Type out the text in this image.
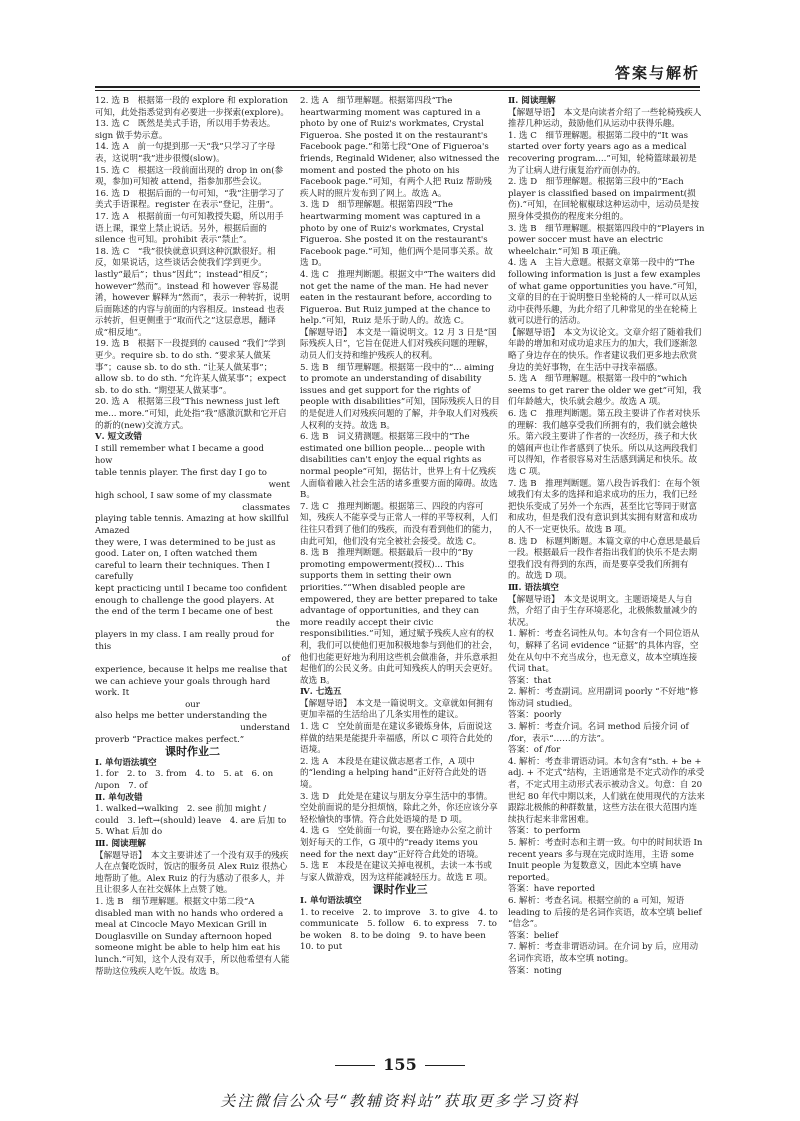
答案与解析

12. 选 B　根据第一段的 explore 和 exploration 可知，此处指悉觉到有必要进一步探索(explore)。

13. 选 C　既然是美式手语，所以用手势表达。sign 做手势示意。

14. 选 A　前一句提到那一天“我”只学习了字母表，这说明“我”进步很慢(slow)。

15. 选 C　根据这一段前面出现的 drop in on(参观，参加)可知被 attend，指参加那些会议。

16. 选 D　根据后面的一句可知，“我”注册学习了美式手语课程。register 在表示“登记，注册”。

17. 选 A　根据前面一句可知教授失聪，所以用手语上课，课堂上禁止说话。另外，根据后面的 silence 也可知。prohibit 表示“禁止”。

18. 选 C　“我”很快就意识到这种沉默很好。相反，如果说话，这些谈话会使我们学到更少。lastly“最后”；thus“因此”；instead“相反”；however“然而”。instead 和 however 容易混淆，however 解释为“然而”，表示一种转折，说明后面陈述的内容与前面的内容相反。instead 也表示转折，但更侧重于“取而代之”这层意思，翻译成“相反地”。

19. 选 B　根据下一段提到的 caused “我们”学到更少。require sb. to do sth. “要求某人做某事”；cause sb. to do sth. “让某人做某事”；allow sb. to do sth. “允许某人做某事”；expect sb. to do sth. “期望某人做某事”。

20. 选 A　根据第三段“This newness just left me... more.”可知，此处指“我”感激沉默和它开启的新的(new)交流方式。

Ⅴ. 短文改错

I still remember what I became a good

how

table tennis player. The first day I go to

went

high school, I saw some of my classmate

classmates

playing table tennis. Amazing at how skillful

Amazed

they were, I was determined to be just as good. Later on, I often watched them careful to learn their techniques. Then I

carefully

kept practicing until I became too confident enough to challenge the good players. At the end of the term I became one of best

the

players in my class. I am really proud for this

of

experience, because it helps me realise that we can achieve your goals through hard work. It

our

also helps me better understanding the

understand

proverb “Practice makes perfect.”

课时作业二

Ⅰ. 单句语法填空

1. for　2. to　3. from　4. to　5. at　6. on /upon　7. of

Ⅱ. 单句改错

1. walked→walking　2. see 前加 might / could　3. left→(should) leave　4. are 后加 to　5. What 后加 do

Ⅲ. 阅读理解

【解题导语】　本文主要讲述了一个没有双手的残疾人在点餐吃饭时，饭店的服务员 Alex Ruiz 很热心地帮助了他。Alex Ruiz 的行为感动了很多人，并且让很多人在社交媒体上点赞了她。

1. 选 B　细节理解题。根据文中第二段“A disabled man with no hands who ordered a meal at Cincocle Mayo Mexican Grill in Douglasville on Sunday afternoon hoped someone might be able to help him eat his lunch.”可知，这个人没有双手，所以他希望有人能帮助这位残疾人吃午饭。故选 B。

2. 选 A　细节理解题。根据第四段“The heartwarming moment was captured in a photo by one of Ruiz's workmates, Crystal Figueroa. She posted it on the restaurant's Facebook page.”和第七段“One of Figueroa's friends, Reginald Widener, also witnessed the moment and posted the photo on his Facebook page.”可知，有两个人把 Ruiz 帮助残疾人时的照片发布到了网上。故选 A。

3. 选 D　细节理解题。根据第四段“The heartwarming moment was captured in a photo by one of Ruiz's workmates, Crystal Figueroa. She posted it on the restaurant's Facebook page.”可知，他们两个是同事关系。故选 D。

4. 选 C　推理判断题。根据文中“The waiters did not get the name of the man. He had never eaten in the restaurant before, according to Figueroa. But Ruiz jumped at the chance to help.”可知，Ruiz 是乐于助人的。故选 C。

【解题导语】　本文是一篇说明文。12 月 3 日是“国际残疾人日”，它旨在促进人们对残疾问题的理解，动员人们支持和维护残疾人的权利。

5. 选 B　细节理解题。根据第一段中的“... aiming to promote an understanding of disability issues and get support for the rights of people with disabilities”可知，国际残疾人日的目的是促进人们对残疾问题的了解，并争取人们对残疾人权利的支持。故选 B。

6. 选 B　词义猜测题。根据第三段中的“The estimated one billion people... people with disabilities can't enjoy the equal rights as normal people”可知，据估计，世界上有十亿残疾人面临着融入社会生活的诸多重要方面的障碍。故选 B。

7. 选 C　推理判断题。根据第三、四段的内容可知，残疾人不能享受与正常人一样的平等权利，人们往往只看到了他们的残疾，而没有看到他们的能力，由此可知，他们没有完全被社会接受。故选 C。

8. 选 B　推理判断题。根据最后一段中的“By promoting empowerment(授权)... This supports them in setting their own priorities.”“When disabled people are empowered, they are better prepared to take advantage of opportunities, and they can more readily accept their civic responsibilities.”可知，通过赋予残疾人应有的权利，我们可以使他们更加积极地参与到他们的社会，他们也能更好地为利用这些机会做准备，并乐意承担起他们的公民义务。由此可知残疾人的明天会更好。故选 B。

Ⅳ. 七选五

【解题导语】　本文是一篇说明文。文章就如何拥有更加幸福的生活给出了几条实用性的建议。

1. 选 C　空处前面是在建议多锻炼身体，后面说这样做的结果是能提升幸福感，所以 C 项符合此处的语境。

2. 选 A　本段是在建议做志愿者工作，A 项中的“lending a helping hand”正好符合此处的语境。

3. 选 D　此处是在建议与朋友分享生活中的事情。空处前面说的是分担烦恼，除此之外，你还应该分享轻松愉快的事情。符合此处语境的是 D 项。

4. 选 G　空处前面一句说，要在路途办公室之前计划好每天的工作，G 项中的“ready items you need for the next day”正好符合此处的语境。

5. 选 E　本段是在建议关掉电视机，去读一本书或与家人做游戏，因为这样能减轻压力。故选 E 项。

课时作业三

Ⅰ. 单句语法填空

1. to receive　2. to improve　3. to give　4. to communicate　5. follow　6. to express　7. to be woken　8. to be doing　9. to have been　10. to put

Ⅱ. 阅读理解

【解题导语】　本文是向读者介绍了一些轮椅残疾人推荐几种运动，鼓励他们从运动中获得乐趣。

1. 选 C　细节理解题。根据第二段中的“It was started over forty years ago as a medical recovering program....”可知，轮椅篮球最初是为了让病人进行康复治疗而创办的。

2. 选 D　细节理解题。根据第三段中的“Each player is classified based on impairment(损伤).”可知，在回轮椒椒球这种运动中，运动员是按照身体受损伤的程度来分组的。

3. 选 B　细节理解题。根据第四段中的“Players in power soccer must have an electric wheelchair.”可知 B 项正确。

4. 选 A　主旨大意题。根据文章第一段中的“The following information is just a few examples of what game opportunities you have.”可知，文章的目的在于说明整日坐轮椅的人一样可以从运动中获得乐趣，为此介绍了几种常见的坐在轮椅上就可以进行的活动。

【解题导语】　本文为议论文。文章介绍了随着我们年龄的增加和对成功追求压力的加大，我们逐渐忽略了身边存在的快乐。作者建议我们更多地去欣赏身边的美好事物，在生活中寻找幸福感。

5. 选 A　细节理解题。根据第一段中的“which seems to get rarer the older we get”可知，我们年龄越大，快乐就会越少。故选 A 项。

6. 选 C　推理判断题。第五段主要讲了作者对快乐的理解：我们越享受我们所拥有的，我们就会越快乐。第六段主要讲了作者的一次经历，孩子和大伙的嬉闹声也让作者感到了快乐。所以从这两段我们可以得知，作者很容易对生活感到满足和快乐。故选 C 项。

7. 选 B　推理判断题。第八段告诉我们：在每个领域我们有太多的选择和追求成功的压力，我们已经把快乐变成了另外一个东西，甚至比它等同于财富和成功，但是我们没有意识到其实拥有财富和成功的人不一定更快乐。故选 B 项。

8. 选 D　标题判断题。本篇文章的中心意思是最后一段。根据最后一段作者指出我们的快乐不是去期望我们没有得到的东西，而是要享受我们所拥有的。故选 D 项。

Ⅲ. 语法填空

【解题导语】　本文是说明文。主题语境是人与自然，介绍了由于生存环境恶化，北极熊数量减少的状况。

1. 解析：考查名词性从句。本句含有一个同位语从句，解释了名词 evidence “证据”的具体内容，空处在从句中不充当成分，也无意义，故本空填连接代词 that。

答案：that

2. 解析：考查副词。应用副词 poorly “不好地”修饰动词 studied。

答案：poorly

3. 解析：考查介词。名词 method 后接介词 of /for，表示“……的方法”。

答案：of /for

4. 解析：考查非谓语动词。本句含有“sth. + be + adj. + 不定式”结构，主语通常是不定式动作的承受者，不定式用主动形式表示被动含义。句意：自 20 世纪 80 年代中期以来，人们就在使用现代的方法来跟踪北极熊的种群数量，这些方法在很大范围内连续执行起来非常困难。

答案：to perform

5. 解析：考查时态和主谓一致。句中的时间状语 In recent years 多与现在完成时连用，主语 some Inuit people 为复数意义，因此本空填 have reported。

答案：have reported

6. 解析：考查名词。根据空前的 a 可知，短语 leading to 后接的是名词作宾语，故本空填 belief “信念”。

答案：belief

7. 解析：考查非谓语动词。在介词 by 后，应用动名词作宾语，故本空填 noting。

答案：noting

155
关注微信公众号“教辅资料站”获取更多学习资料
